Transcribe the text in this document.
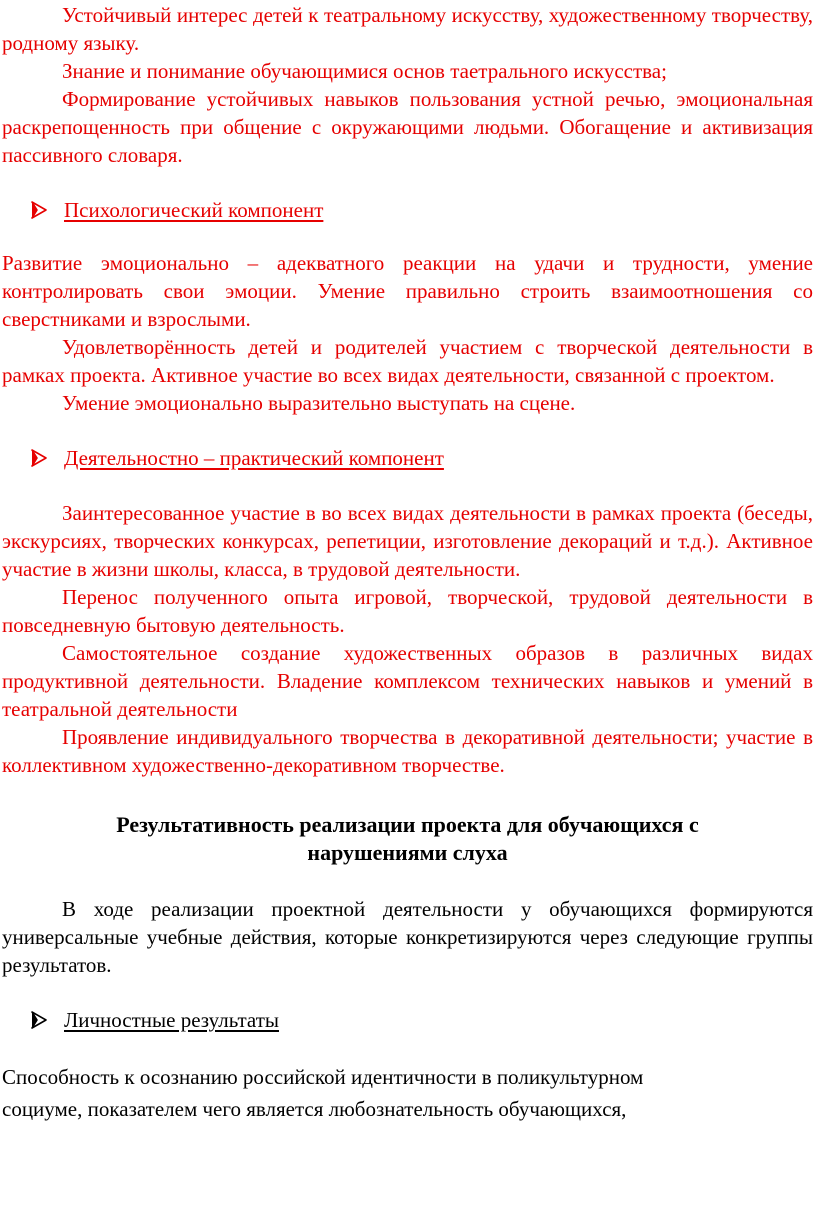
Устойчивый интерес детей к театральному искусству, художественному творчеству, родному языку.

Знание и понимание обучающимися основ таетрального искусства;

Формирование устойчивых навыков пользования устной речью, эмоциональная раскрепощенность при общение с окружающими людьми. Обогащение и активизация пассивного словаря.

Психологический компонент

Развитие эмоционально – адекватного реакции на удачи и трудности, умение контролировать свои эмоции. Умение правильно строить взаимоотношения со сверстниками и взрослыми.

Удовлетворённость детей и родителей участием с творческой деятельности в рамках проекта. Активное участие во всех видах деятельности, связанной с проектом.

Умение эмоционально выразительно выступать на сцене.

Деятельностно – практический компонент

Заинтересованное участие в во всех видах деятельности в рамках проекта (беседы, экскурсиях, творческих конкурсах, репетиции, изготовление декораций и т.д.). Активное участие в жизни школы, класса, в трудовой деятельности.

Перенос полученного опыта игровой, творческой, трудовой деятельности в повседневную бытовую деятельность.

Самостоятельное создание художественных образов в различных видах продуктивной деятельности. Владение комплексом технических навыков и умений в театральной деятельности

Проявление индивидуального творчества в декоративной деятельности; участие в коллективном художественно-декоративном творчестве.

Результативность реализации проекта для обучающихся с
нарушениями слуха

В ходе реализации проектной деятельности у обучающихся формируются универсальные учебные действия, которые конкретизируются через следующие группы результатов.

Личностные результаты
Способность к осознанию российской идентичности в поликультурном
социуме, показателем чего является любознательность обучающихся,
